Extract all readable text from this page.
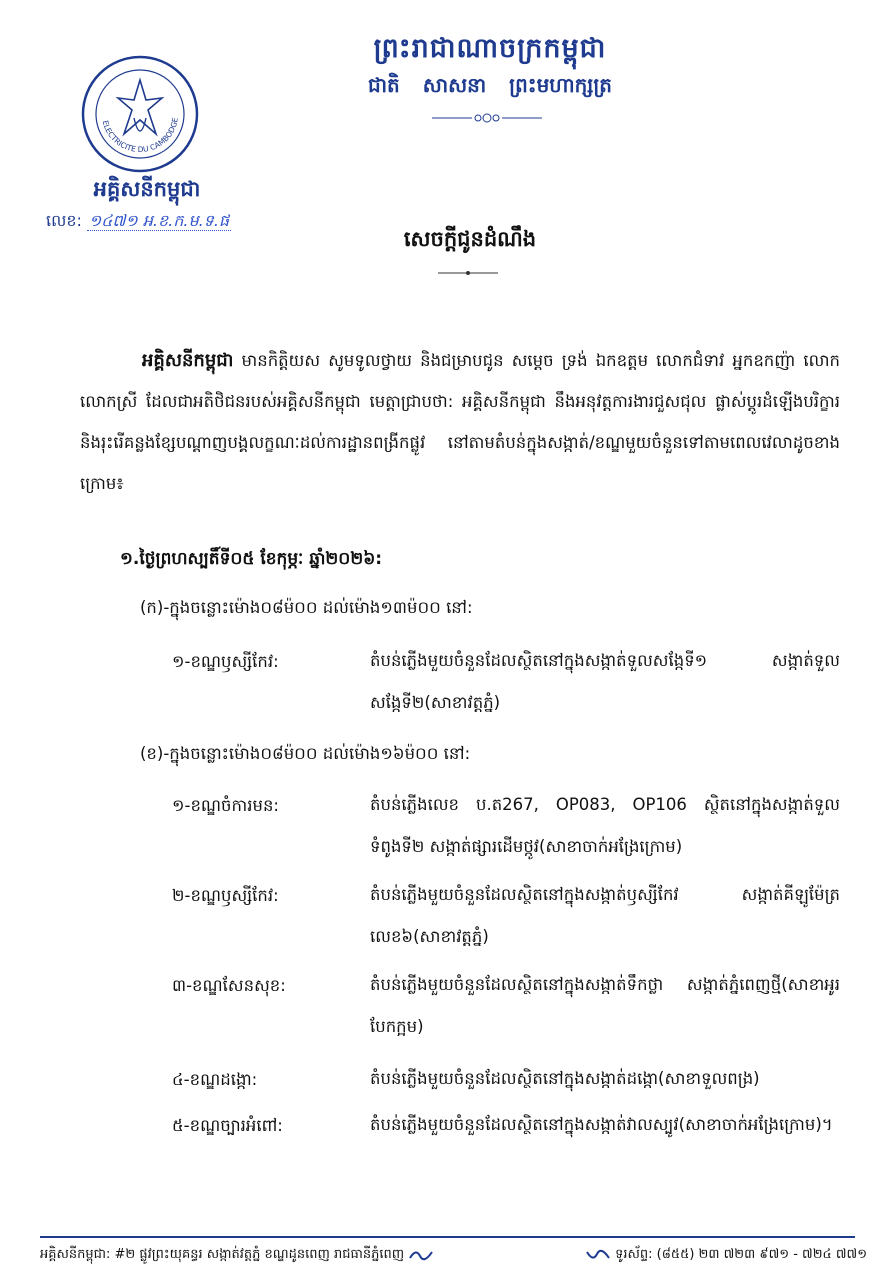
ព្រះរាជាណាចក្រកម្ពុជា
ជាតិ សាសនា ព្រះមហាក្សត្រ
ELECTRICITE DU CAMBODGE
អគ្គិសនីកម្ពុជា
លេខ: ១៤៧១ អ.ខ.ក.ម.ទ.ផ
សេចក្តីជូនដំណឹង
អគ្គិសនីកម្ពុជា មានកិត្តិយស សូមទូលថ្វាយ និងជម្រាបជូន សម្តេច ទ្រង់ ឯកឧត្តម លោកជំទាវ អ្នកឧកញ៉ា លោក លោកស្រី ដែលជាអតិថិជនរបស់អគ្គិសនីកម្ពុជា មេត្តាជ្រាបថា: អគ្គិសនីកម្ពុជា នឹងអនុវត្តការងារជួសជុល ផ្លាស់ប្តូរដំឡើងបរិក្ខារ និងរុះរើគន្លងខ្សែបណ្តាញបង្គលក្ខណៈដល់ការដ្ឋានពង្រីកផ្លូវ នៅតាមតំបន់ក្នុងសង្កាត់/ខណ្ឌមួយចំនួនទៅតាមពេលវេលាដូចខាងក្រោម៖
១.ថ្ងៃព្រហស្បតិ៍ទី០៥ ខែកុម្ភៈ ឆ្នាំ២០២៦:
(ក)-ក្នុងចន្លោះម៉ោង០៨ម៉០០ ដល់ម៉ោង១៣ម៉០០ នៅ:
១-ខណ្ឌឫស្សីកែវ:	តំបន់ភ្លើងមួយចំនួនដែលស្ថិតនៅក្នុងសង្កាត់ទួលសង្កែទី១ សង្កាត់ទួលសង្កែទី២(សាខាវត្តភ្នំ)
(ខ)-ក្នុងចន្លោះម៉ោង០៨ម៉០០ ដល់ម៉ោង១៦ម៉០០ នៅ:
១-ខណ្ឌចំការមន:	តំបន់ភ្លើងលេខ ប.ត267, OP083, OP106 ស្ថិតនៅក្នុងសង្កាត់ទួលទំពូងទី២ សង្កាត់ផ្សារដើមថ្កូវ(សាខាចាក់អង្រែក្រោម)
២-ខណ្ឌឫស្សីកែវ:	តំបន់ភ្លើងមួយចំនួនដែលស្ថិតនៅក្នុងសង្កាត់ឫស្សីកែវ សង្កាត់គីឡូម៉ែត្រលេខ៦(សាខាវត្តភ្នំ)
៣-ខណ្ឌសែនសុខ:	តំបន់ភ្លើងមួយចំនួនដែលស្ថិតនៅក្នុងសង្កាត់ទឹកថ្លា សង្កាត់ភ្នំពេញថ្មី(សាខាអូរបែកក្អម)
៤-ខណ្ឌដង្កោ:	តំបន់ភ្លើងមួយចំនួនដែលស្ថិតនៅក្នុងសង្កាត់ដង្កោ(សាខាទួលពង្រ)
៥-ខណ្ឌច្បារអំពៅ:	តំបន់ភ្លើងមួយចំនួនដែលស្ថិតនៅក្នុងសង្កាត់វាលស្បូវ(សាខាចាក់អង្រែក្រោម)។
អគ្គិសនីកម្ពុជា: #២ ផ្លូវព្រះយុគន្ធរ សង្កាត់វត្តភ្នំ ខណ្ឌដូនពេញ រាជធានីភ្នំពេញ	ទូរស័ព្ទ: (៨៥៥) ២៣ ៧២៣ ៩៧១ - ៧២៤ ៧៧១
